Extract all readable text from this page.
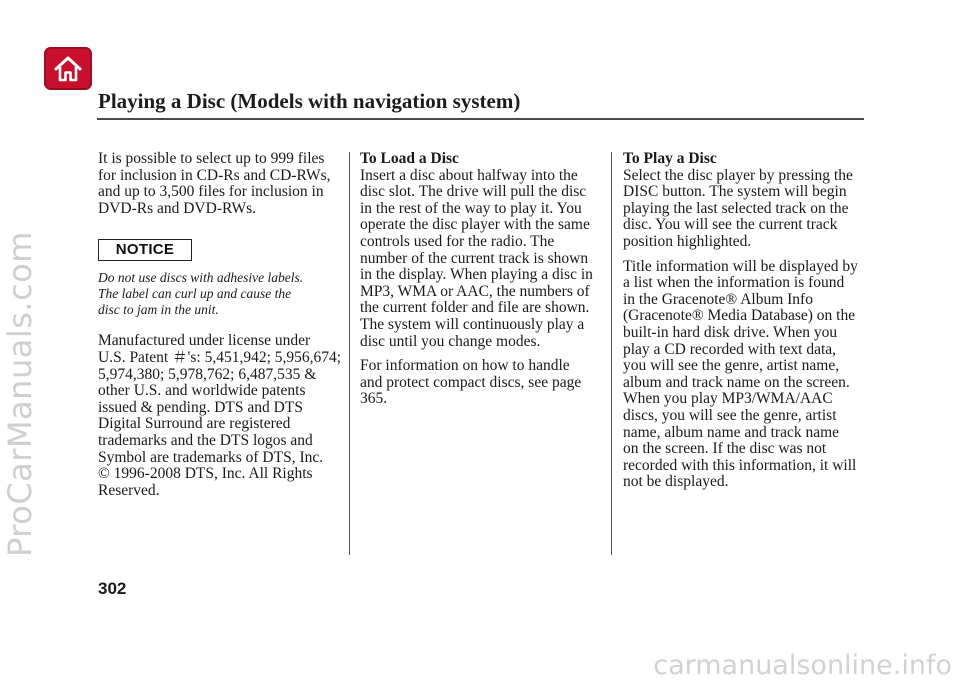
ProCarManuals.com
Playing a Disc (Models with navigation system)

It is possible to select up to 999 files
for inclusion in CD-Rs and CD-RWs,
and up to 3,500 files for inclusion in
DVD-Rs and DVD-RWs.

NOTICE

Do not use discs with adhesive labels.
The label can curl up and cause the
disc to jam in the unit.

Manufactured under license under
U.S. Patent ＃'s: 5,451,942; 5,956,674;
5,974,380; 5,978,762; 6,487,535 &
other U.S. and worldwide patents
issued & pending. DTS and DTS
Digital Surround are registered
trademarks and the DTS logos and
Symbol are trademarks of DTS, Inc.
© 1996-2008 DTS, Inc. All Rights
Reserved.

To Load a Disc

Insert a disc about halfway into the
disc slot. The drive will pull the disc
in the rest of the way to play it. You
operate the disc player with the same
controls used for the radio. The
number of the current track is shown
in the display. When playing a disc in
MP3, WMA or AAC, the numbers of
the current folder and file are shown.
The system will continuously play a
disc until you change modes.

For information on how to handle
and protect compact discs, see page
365.

To Play a Disc

Select the disc player by pressing the
DISC button. The system will begin
playing the last selected track on the
disc. You will see the current track
position highlighted.

Title information will be displayed by
a list when the information is found
in the Gracenote® Album Info
(Gracenote® Media Database) on the
built-in hard disk drive. When you
play a CD recorded with text data,
you will see the genre, artist name,
album and track name on the screen.
When you play MP3/WMA/AAC
discs, you will see the genre, artist
name, album name and track name
on the screen. If the disc was not
recorded with this information, it will
not be displayed.

302
carmanualsonline.info
